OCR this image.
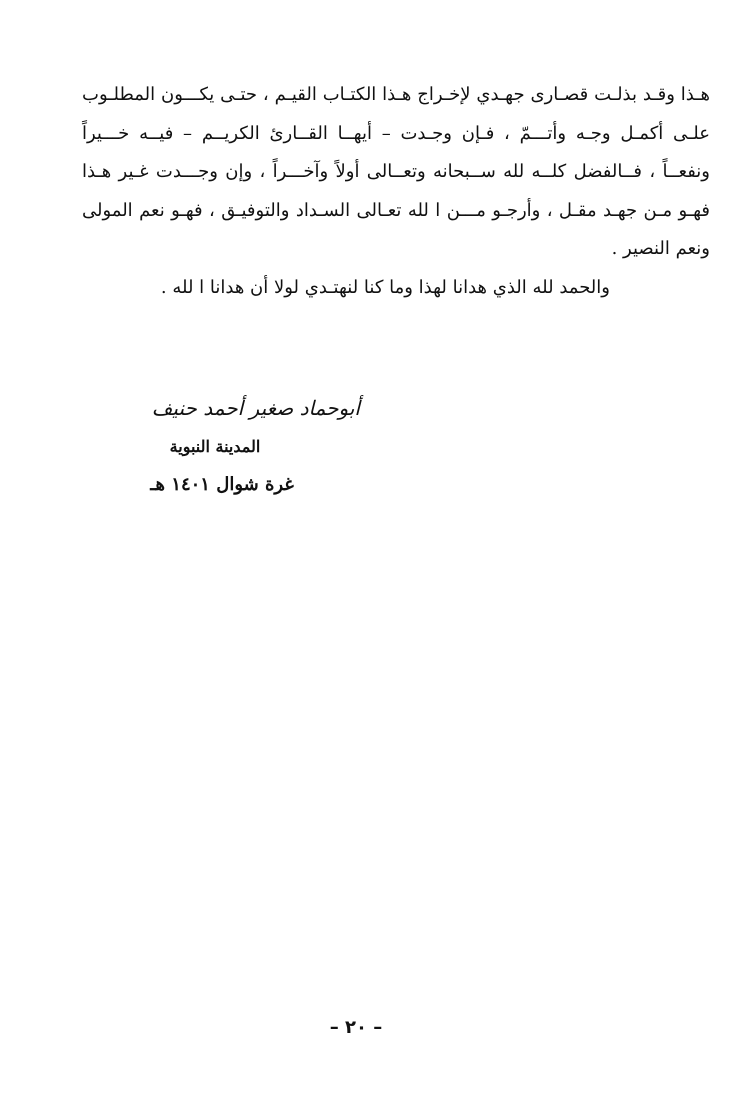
هـذا وقـد بذلـت قصـارى جهـدي لإخـراج هـذا الكتـاب القيـم ، حتـى يكـــون المطلـوب علـى أكمـل وجـه وأتـــمّ ، فـإن وجـدت – أيهــا القــارئ الكريــم – فيــه خـــيراً ونفعــاً ، فــالفضل كلــه لله ســبحانه وتعــالى أولاً وآخـــراً ، وإن وجـــدت غـير هـذا فهـو مـن جهـد مقـل ، وأرجـو مـــن ا لله تعـالى السـداد والتوفيـق ، فهـو نعم المولى ونعم النصير .

والحمد لله الذي هدانا لهذا وما كنا لنهتـدي لولا أن هدانا ا لله .

أبوحماد صغير أحمد حنيف
المدينة النبوية
غرة شوال ١٤٠١ هـ
– ٢٠ –
